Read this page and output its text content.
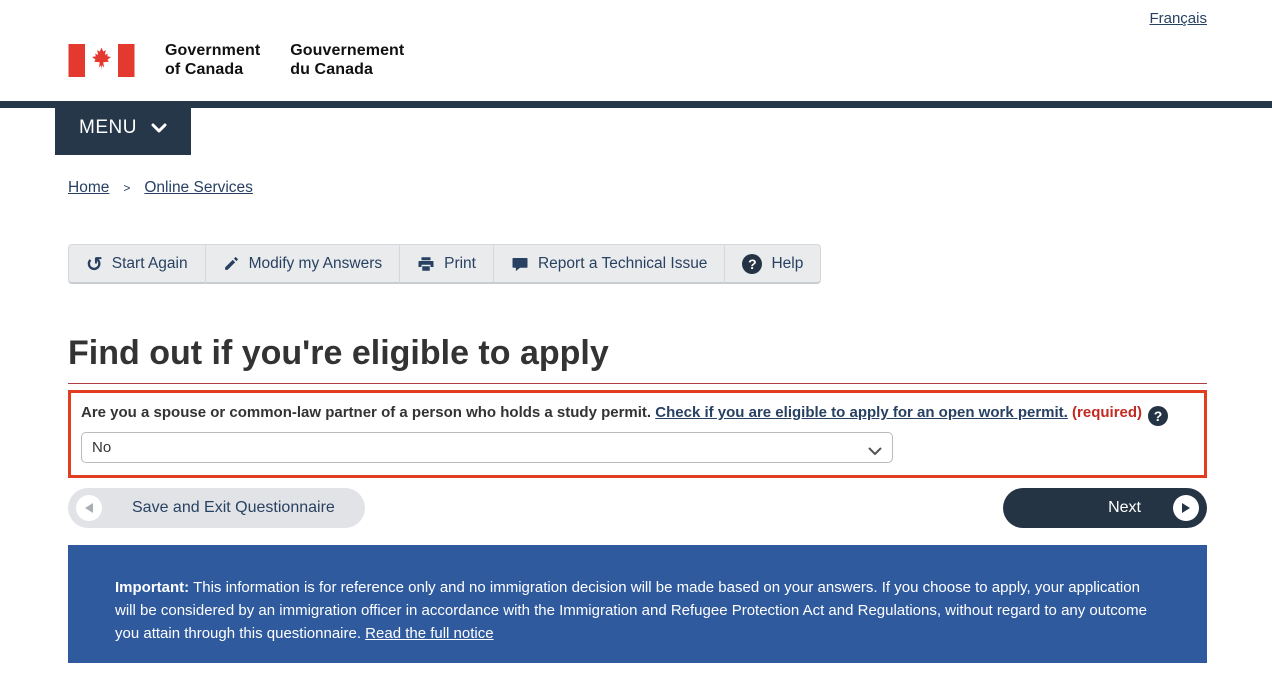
Français
Government
of Canada
Gouvernement
du Canada
MENU
Home > Online Services
↺ Start Again	Modify my Answers	Print	Report a Technical Issue	? Help
Find out if you're eligible to apply
Are you a spouse or common-law partner of a person who holds a study permit. Check if you are eligible to apply for an open work permit. (required) ?
No
Save and Exit Questionnaire	Next
Important: This information is for reference only and no immigration decision will be made based on your answers. If you choose to apply, your application will be considered by an immigration officer in accordance with the Immigration and Refugee Protection Act and Regulations, without regard to any outcome you attain through this questionnaire. Read the full notice
